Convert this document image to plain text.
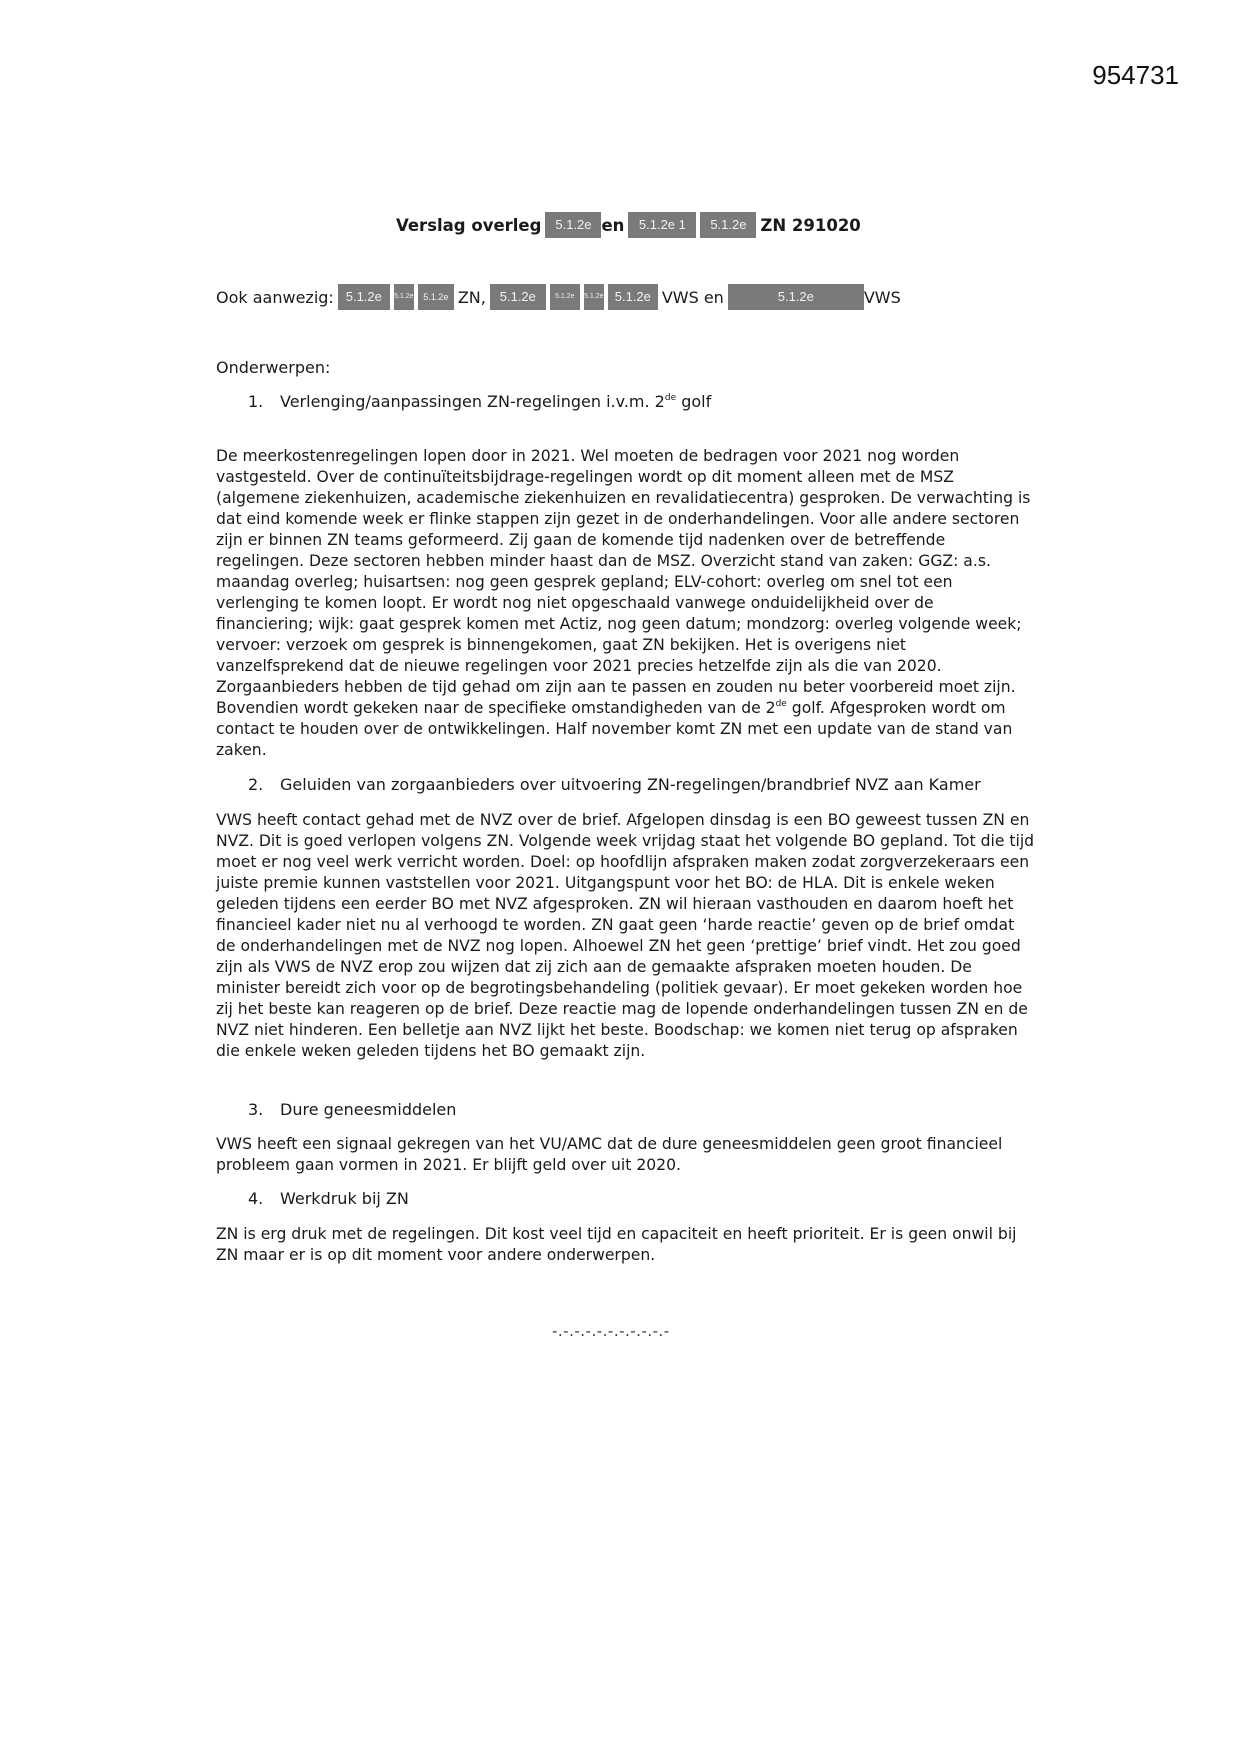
954731
Verslag overleg	5.1.2e en	5.1.2e 1	5.1.2e ZN 291020
Ook aanwezig: 5.1.2e	5.1.2e	5.1.2e ZN,	5.1.2e	5.1.2e	5.1.2e 5.1.2e VWS en	5.1.2e	VWS
Onderwerpen:
1. Verlenging/aanpassingen ZN-regelingen i.v.m. 2de golf

De meerkostenregelingen lopen door in 2021. Wel moeten de bedragen voor 2021 nog worden vastgesteld. Over de continuïteitsbijdrage-regelingen wordt op dit moment alleen met de MSZ (algemene ziekenhuizen, academische ziekenhuizen en revalidatiecentra) gesproken. De verwachting is dat eind komende week er flinke stappen zijn gezet in de onderhandelingen. Voor alle andere sectoren zijn er binnen ZN teams geformeerd. Zij gaan de komende tijd nadenken over de betreffende regelingen. Deze sectoren hebben minder haast dan de MSZ. Overzicht stand van zaken: GGZ: a.s. maandag overleg; huisartsen: nog geen gesprek gepland; ELV-cohort: overleg om snel tot een verlenging te komen loopt. Er wordt nog niet opgeschaald vanwege onduidelijkheid over de financiering; wijk: gaat gesprek komen met Actiz, nog geen datum; mondzorg: overleg volgende week; vervoer: verzoek om gesprek is binnengekomen, gaat ZN bekijken. Het is overigens niet vanzelfsprekend dat de nieuwe regelingen voor 2021 precies hetzelfde zijn als die van 2020. Zorgaanbieders hebben de tijd gehad om zijn aan te passen en zouden nu beter voorbereid moet zijn. Bovendien wordt gekeken naar de specifieke omstandigheden van de 2de golf. Afgesproken wordt om contact te houden over de ontwikkelingen. Half november komt ZN met een update van de stand van zaken.

2. Geluiden van zorgaanbieders over uitvoering ZN-regelingen/brandbrief NVZ aan Kamer

VWS heeft contact gehad met de NVZ over de brief. Afgelopen dinsdag is een BO geweest tussen ZN en NVZ. Dit is goed verlopen volgens ZN. Volgende week vrijdag staat het volgende BO gepland. Tot die tijd moet er nog veel werk verricht worden. Doel: op hoofdlijn afspraken maken zodat zorgverzekeraars een juiste premie kunnen vaststellen voor 2021. Uitgangspunt voor het BO: de HLA. Dit is enkele weken geleden tijdens een eerder BO met NVZ afgesproken. ZN wil hieraan vasthouden en daarom hoeft het financieel kader niet nu al verhoogd te worden. ZN gaat geen ‘harde reactie’ geven op de brief omdat de onderhandelingen met de NVZ nog lopen. Alhoewel ZN het geen ‘prettige’ brief vindt. Het zou goed zijn als VWS de NVZ erop zou wijzen dat zij zich aan de gemaakte afspraken moeten houden. De minister bereidt zich voor op de begrotingsbehandeling (politiek gevaar). Er moet gekeken worden hoe zij het beste kan reageren op de brief. Deze reactie mag de lopende onderhandelingen tussen ZN en de NVZ niet hinderen. Een belletje aan NVZ lijkt het beste. Boodschap: we komen niet terug op afspraken die enkele weken geleden tijdens het BO gemaakt zijn.

3. Dure geneesmiddelen

VWS heeft een signaal gekregen van het VU/AMC dat de dure geneesmiddelen geen groot financieel probleem gaan vormen in 2021. Er blijft geld over uit 2020.

4. Werkdruk bij ZN

ZN is erg druk met de regelingen. Dit kost veel tijd en capaciteit en heeft prioriteit. Er is geen onwil bij ZN maar er is op dit moment voor andere onderwerpen.

-.-.-.-.-.-.-.-.-.-.-
